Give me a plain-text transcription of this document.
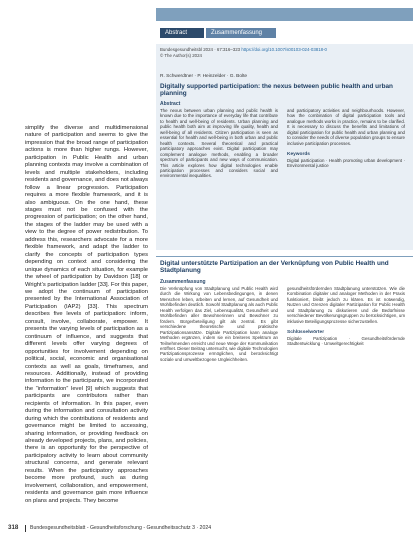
simplify the diverse and multidimensional nature of participation and seems to give the impression that the broad range of participation actions is more than higher rungs. However, participation in Public Health and urban planning contexts may involve a combination of levels and multiple stakeholders, including residents and governance, and does not always follow a linear progression. Participation requires a more flexible framework, and it is also ambiguous. On the one hand, these stages must not be confused with the progression of participation; on the other hand, the stages of the ladder may be used with a view to the degree of power redistribution. To address this, researchers advocate for a more flexible framework, and adapt the ladder to clarify the concepts of participation types depending on context and considering the unique dynamics of each situation, for example the wheel of participation by Davidson [18] or Wright’s participation ladder [33]. For this paper, we adopt the continuum of participation presented by the International Association of Participation (IAP2) [33]. This spectrum describes five levels of participation: inform, consult, involve, collaborate, empower. It presents the varying levels of participation as a continuum of influence, and suggests that different levels offer varying degrees of opportunities for involvement depending on political, social, economic and organisational contexts as well as goals, timeframes, and resources. Additionally, instead of providing information to the participants, we incorporated the “information” level [9] which suggests that participants are contributors rather than recipients of information. In this paper, even during the information and consultation activity during which the contributions of residents and governance might be limited to accessing, sharing information, or providing feedback on already developed projects, plans, and policies, there is an opportunity for the perspective of participatory activity to learn about community structural concerns, and generate relevant results. When the participatory approaches become more profound, such as during involvement, collaboration, and empowerment, residents and governance gain more influence on plans and projects. They become

Abstract	Zusammenfassung
Bundesgesundheitsbl 2024 · 67:316–323 https://doi.org/10.1007/s00103-024-03818-0
© The Author(s) 2024
R. Schwerdtner · P. Heinzelder · G. Bolte
Digitally supported participation: the nexus between public health and urban planning
Abstract

The nexus between urban planning and public health is known due to the importance of everyday life that contribute to health and well-being of residents. Urban planning and public health both aim at improving life quality, health and well-being of all residents. Citizen participation is seen as essential for health and well-being in both urban and public health contexts. Several theoretical and practical participatory approaches exist. Digital participation may complement analogue methods, enabling a broader spectrum of participants and new ways of communication. This article explores how digital technologies enable participation processes and considers social and environmental inequalities.

and participatory activities and neighbourhoods. However, how the combination of digital participation tools and analogue methods works in practice, remains to be clarified. It is necessary to discuss the benefits and limitations of digital participation for public health and urban planning and to consider the needs of diverse population groups to ensure inclusive participation processes.

Keywords

Digital participation · Health promoting urban development · Environmental justice

Digital unterstützte Partizipation an der Verknüpfung von Public Health und Stadtplanung
Zusammenfassung

Die Verknüpfung von Stadtplanung und Public Health wird durch die Wirkung von Lebensbedingungen, in denen Menschen leben, arbeiten und lernen, auf Gesundheit und Wohlbefinden deutlich. Sowohl Stadtplanung als auch Public Health verfolgen das Ziel, Lebensqualität, Gesundheit und Wohlbefinden aller Bewohnerinnen und Bewohner zu fördern. Bürgerbeteiligung gilt als zentral. Es gibt verschiedene theoretische und praktische Partizipationsansätze. Digitale Partizipation kann analoge Methoden ergänzen, indem sie ein breiteres Spektrum an Teilnehmenden erreicht und neue Wege der Kommunikation eröffnet. Dieser Beitrag untersucht, wie digitale Technologien Partizipationsprozesse ermöglichen, und berücksichtigt soziale und umweltbezogene Ungleichheiten.

gesundheitsfördernden Stadtplanung unterstützen. Wie die Kombination digitaler und analoger Methoden in der Praxis funktioniert, bleibt jedoch zu klären. Es ist notwendig, Nutzen und Grenzen digitaler Partizipation für Public Health und Stadtplanung zu diskutieren und die Bedürfnisse verschiedener Bevölkerungsgruppen zu berücksichtigen, um inklusive Beteiligungsprozesse sicherzustellen.

Schlüsselwörter

Digitale Partizipation · Gesundheitsfördernde Stadtentwicklung · Umweltgerechtigkeit

318 Bundesgesundheitsblatt - Gesundheitsforschung - Gesundheitsschutz 3 · 2024
